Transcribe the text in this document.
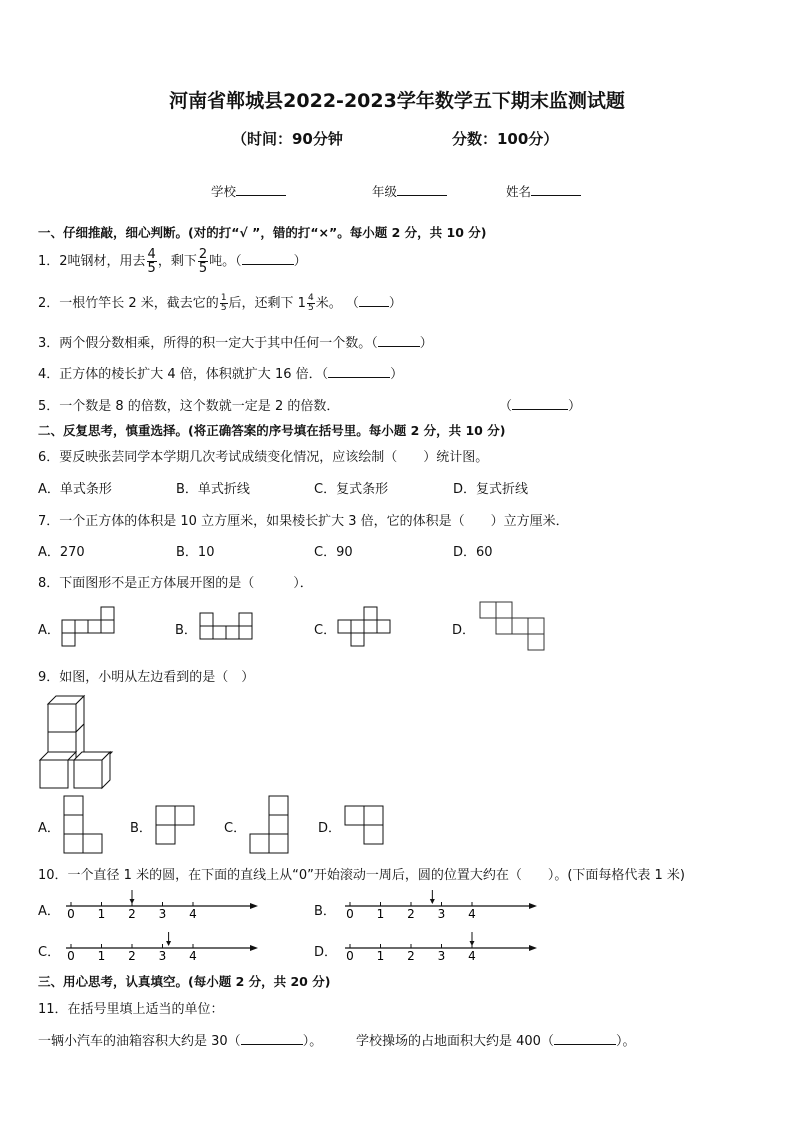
河南省郸城县2022-2023学年数学五下期末监测试题
（时间：90分钟	分数：100分）
学校	年级	姓名
一、仔细推敲，细心判断。(对的打“√ ”，错的打“×”。每小题 2 分，共 10 分)
1．2吨钢材，用去 $\frac{4}{5}$ ，剩下 $\frac{2}{5}$ 吨。（	）
2．一根竹竿长 2 米，截去它的 $\frac{1}{5}$ 后，还剩下 $1 \frac{4}{5}$ 米。 （ ）
3．两个假分数相乘，所得的积一定大于其中任何一个数。（	）
4．正方体的棱长扩大 4 倍，体积就扩大 16 倍．（	）
5．一个数是 8 的倍数，这个数就一定是 2 的倍数．	（	）
二、反复思考，慎重选择。(将正确答案的序号填在括号里。每小题 2 分，共 10 分)
6．要反映张芸同学本学期几次考试成绩变化情况，应该绘制（　　）统计图。
A．单式条形	B．单式折线	C．复式条形	D．复式折线
7．一个正方体的体积是 10 立方厘米，如果棱长扩大 3 倍，它的体积是（　　）立方厘米．
A．270	B．10	C．90	D．60
8．下面图形不是正方体展开图的是（　　　）．
A．	B．	C．	D．
9．如图，小明从左边看到的是（　）
A．	B．	C．	D．
10．一个直径 1 米的圆，在下面的直线上从“0”开始滚动一周后，圆的位置大约在（　　）。(下面每格代表 1 米)
A．	B．
C．	D．
0 1 2 3 4	0 1 2 3 4
0 1 2 3 4	0 1 2 3 4
三、用心思考，认真填空。(每小题 2 分，共 20 分)
11．在括号里填上适当的单位：
一辆小汽车的油箱容积大约是 30（	）。	学校操场的占地面积大约是 400（	）。
